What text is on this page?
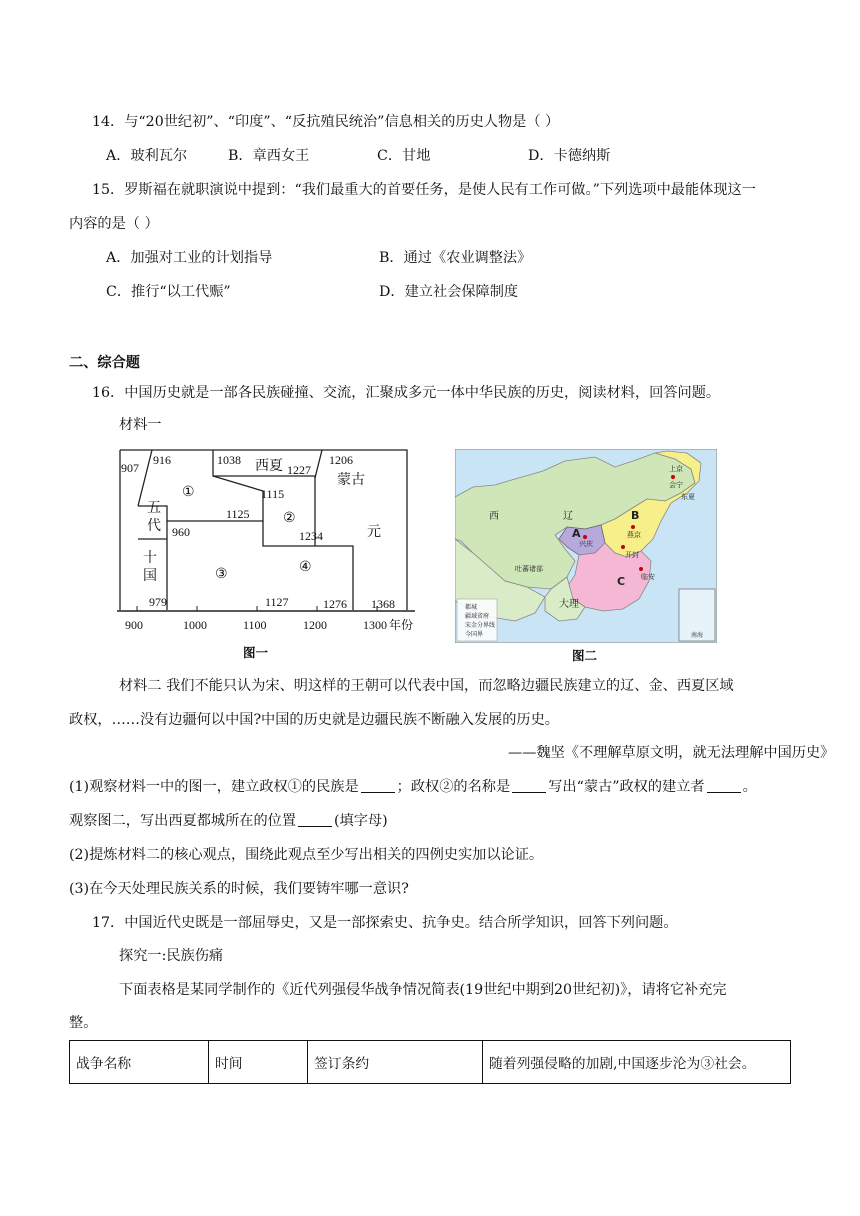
14．与“20世纪初”、“印度”、“反抗殖民统治”信息相关的历史人物是（ ）
A．玻利瓦尔	B．章西女王	C．甘地	D．卡德纳斯
15．罗斯福在就职演说中提到：“我们最重大的首要任务，是使人民有工作可做。”下列选项中最能体现这一
内容的是（ ）
A．加强对工业的计划指导	B．通过《农业调整法》
C．推行“以工代赈”	D．建立社会保障制度
二、综合题
16．中国历史就是一部各民族碰撞、交流，汇聚成多元一体中华民族的历史，阅读材料，回答问题。
材料一
907
916	1038 西夏 1227
1206
蒙古
①	1115
②
五
代
1125
元
960	1234
十
国	③	④
979	1127	1276 1368
900	1000	1100	1200	1300 年份
图一
西	辽
A
B
C
兴庆
吐蕃诸部
大理
上京
会宁
燕京
开封
临安
东夏
都城
疆域省府
宋金分界线
今国界	南海
图二
材料二 我们不能只认为宋、明这样的王朝可以代表中国，而忽略边疆民族建立的辽、金、西夏区域
政权，……没有边疆何以中国?中国的历史就是边疆民族不断融入发展的历史。
——魏坚《不理解草原文明，就无法理解中国历史》
(1)观察材料一中的图一，建立政权①的民族是	；政权②的名称是	写出“蒙古”政权的建立者	。
观察图二，写出西夏都城所在的位置	(填字母)
(2)提炼材料二的核心观点，围绕此观点至少写出相关的四例史实加以论证。
(3)在今天处理民族关系的时候，我们要铸牢哪一意识?
17．中国近代史既是一部屈辱史，又是一部探索史、抗争史。结合所学知识，回答下列问题。
探究一:民族伤痛
下面表格是某同学制作的《近代列强侵华战争情况简表(19世纪中期到20世纪初)》，请将它补充完
整。
战争名称	时间	签订条约	随着列强侵略的加剧,中国逐步沦为③社会。
